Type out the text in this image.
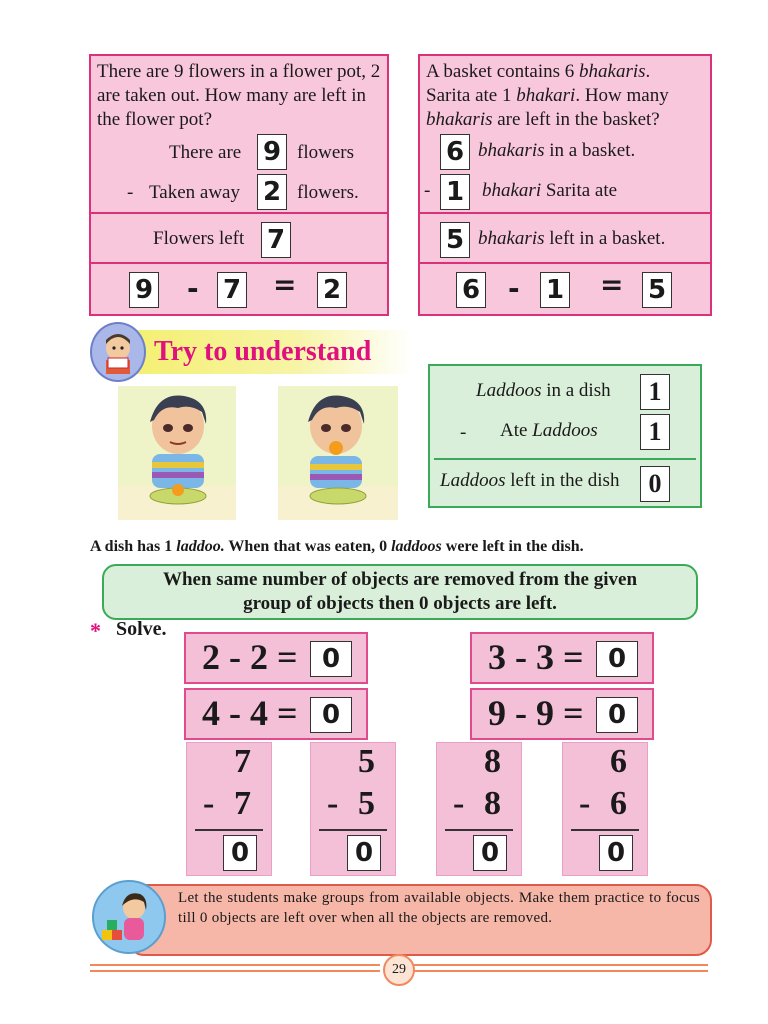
There are 9 flowers in a flower pot, 2 are taken out. How many are left in the flower pot?
There are 9 flowers
- Taken away 2 flowers.
Flowers left 7
9 - 7 = 2
A basket contains 6 bhakaris.
Sarita ate 1 bhakari. How many
bhakaris are left in the basket?
6 bhakaris in a basket.
- 1 bhakari Sarita ate
5 bhakaris left in a basket.
6 - 1 = 5
Try to understand
Laddoos in a dish	1
- Ate Laddoos	1
Laddoos left in the dish	0
A dish has 1 laddoo. When that was eaten, 0 laddoos were left in the dish.
When same number of objects are removed from the given
group of objects then 0 objects are left.
* Solve.
2 - 2 = 0	3 - 3 = 0
4 - 4 = 0	9 - 9 = 0
7
- 7
0
5
- 5
0
8
- 8
0
6
- 6
0
Let the students make groups from available objects. Make them practice to focus till 0 objects are left over when all the objects are removed.
29
